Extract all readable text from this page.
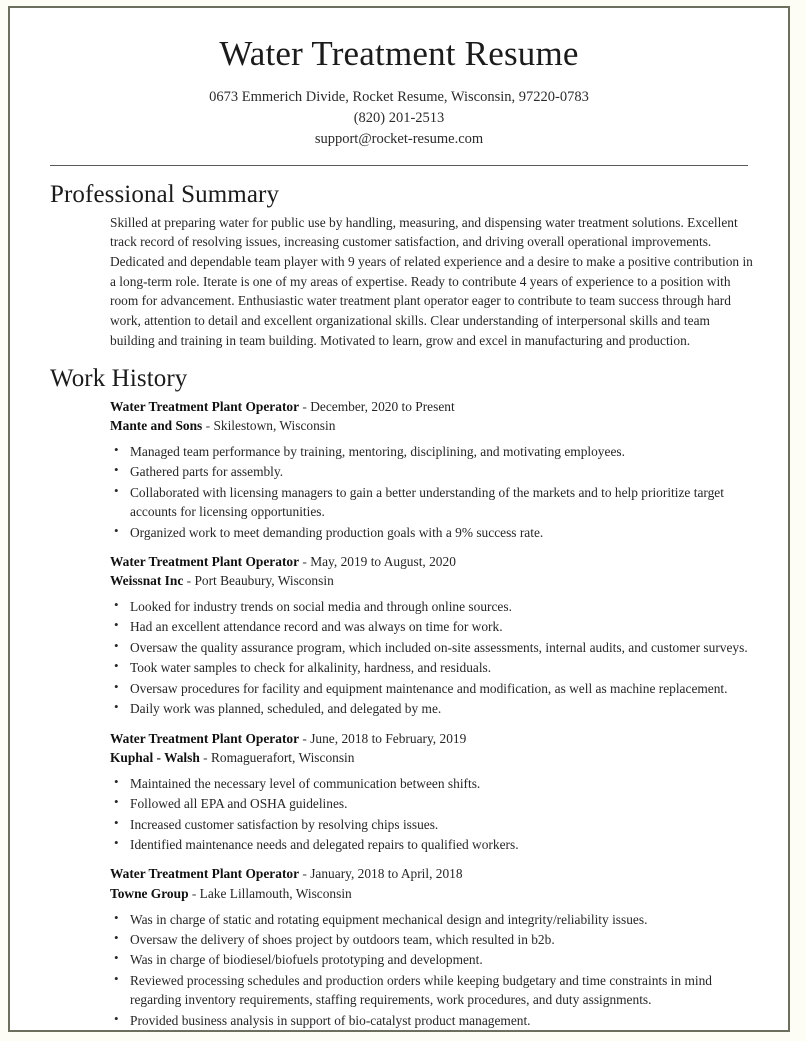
Water Treatment Resume
0673 Emmerich Divide, Rocket Resume, Wisconsin, 97220-0783
(820) 201-2513
support@rocket-resume.com
Professional Summary

Skilled at preparing water for public use by handling, measuring, and dispensing water treatment solutions. Excellent track record of resolving issues, increasing customer satisfaction, and driving overall operational improvements. Dedicated and dependable team player with 9 years of related experience and a desire to make a positive contribution in a long-term role. Iterate is one of my areas of expertise. Ready to contribute 4 years of experience to a position with room for advancement. Enthusiastic water treatment plant operator eager to contribute to team success through hard work, attention to detail and excellent organizational skills. Clear understanding of interpersonal skills and team building and training in team building. Motivated to learn, grow and excel in manufacturing and production.

Work History
Water Treatment Plant Operator - December, 2020 to Present
Mante and Sons - Skilestown, Wisconsin
• Managed team performance by training, mentoring, disciplining, and motivating employees.
• Gathered parts for assembly.
• Collaborated with licensing managers to gain a better understanding of the markets and to help prioritize target accounts for licensing opportunities.
• Organized work to meet demanding production goals with a 9% success rate.
Water Treatment Plant Operator - May, 2019 to August, 2020
Weissnat Inc - Port Beaubury, Wisconsin
• Looked for industry trends on social media and through online sources.
• Had an excellent attendance record and was always on time for work.
• Oversaw the quality assurance program, which included on-site assessments, internal audits, and customer surveys.
• Took water samples to check for alkalinity, hardness, and residuals.
• Oversaw procedures for facility and equipment maintenance and modification, as well as machine replacement.
• Daily work was planned, scheduled, and delegated by me.
Water Treatment Plant Operator - June, 2018 to February, 2019
Kuphal - Walsh - Romaguerafort, Wisconsin
• Maintained the necessary level of communication between shifts.
• Followed all EPA and OSHA guidelines.
• Increased customer satisfaction by resolving chips issues.
• Identified maintenance needs and delegated repairs to qualified workers.
Water Treatment Plant Operator - January, 2018 to April, 2018
Towne Group - Lake Lillamouth, Wisconsin
• Was in charge of static and rotating equipment mechanical design and integrity/reliability issues.
• Oversaw the delivery of shoes project by outdoors team, which resulted in b2b.
• Was in charge of biodiesel/biofuels prototyping and development.
• Reviewed processing schedules and production orders while keeping budgetary and time constraints in mind regarding inventory requirements, staffing requirements, work procedures, and duty assignments.
• Provided business analysis in support of bio-catalyst product management.
